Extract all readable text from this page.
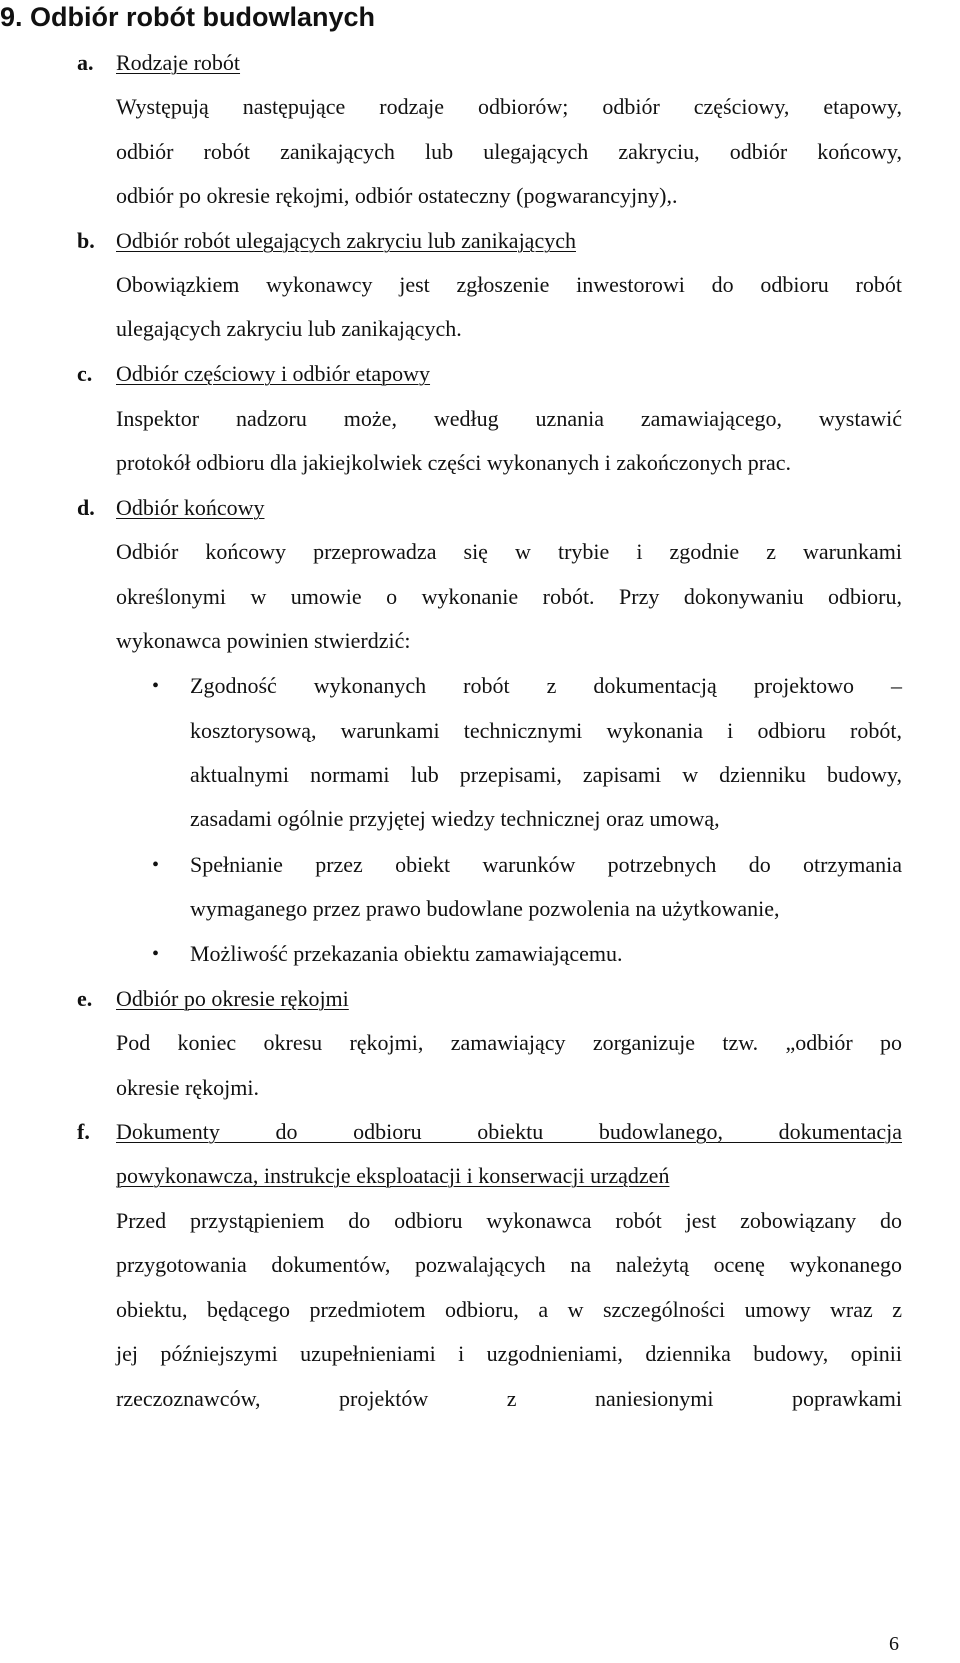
9. Odbiór robót budowlanych
a. Rodzaje robót
Występują następujące rodzaje odbiorów; odbiór częściowy, etapowy,
odbiór robót zanikających lub ulegających zakryciu, odbiór końcowy,
odbiór po okresie rękojmi, odbiór ostateczny (pogwarancyjny),.
b. Odbiór robót ulegających zakryciu lub zanikających
Obowiązkiem wykonawcy jest zgłoszenie inwestorowi do odbioru robót
ulegających zakryciu lub zanikających.
c. Odbiór częściowy i odbiór etapowy
Inspektor nadzoru może, według uznania zamawiającego, wystawić
protokół odbioru dla jakiejkolwiek części wykonanych i zakończonych prac.
d. Odbiór końcowy
Odbiór końcowy przeprowadza się w trybie i zgodnie z warunkami
określonymi w umowie o wykonanie robót. Przy dokonywaniu odbioru,
wykonawca powinien stwierdzić:
• Zgodność wykonanych robót z dokumentacją projektowo –
kosztorysową, warunkami technicznymi wykonania i odbioru robót,
aktualnymi normami lub przepisami, zapisami w dzienniku budowy,
zasadami ogólnie przyjętej wiedzy technicznej oraz umową,
• Spełnianie przez obiekt warunków potrzebnych do otrzymania
wymaganego przez prawo budowlane pozwolenia na użytkowanie,
• Możliwość przekazania obiektu zamawiającemu.
e. Odbiór po okresie rękojmi
Pod koniec okresu rękojmi, zamawiający zorganizuje tzw. „odbiór po
okresie rękojmi.
f. Dokumenty do odbioru obiektu budowlanego, dokumentacja
powykonawcza, instrukcje eksploatacji i konserwacji urządzeń
Przed przystąpieniem do odbioru wykonawca robót jest zobowiązany do
przygotowania dokumentów, pozwalających na należytą ocenę wykonanego
obiektu, będącego przedmiotem odbioru, a w szczególności umowy wraz z
jej późniejszymi uzupełnieniami i uzgodnieniami, dziennika budowy, opinii
rzeczoznawców, projektów z naniesionymi poprawkami
6
